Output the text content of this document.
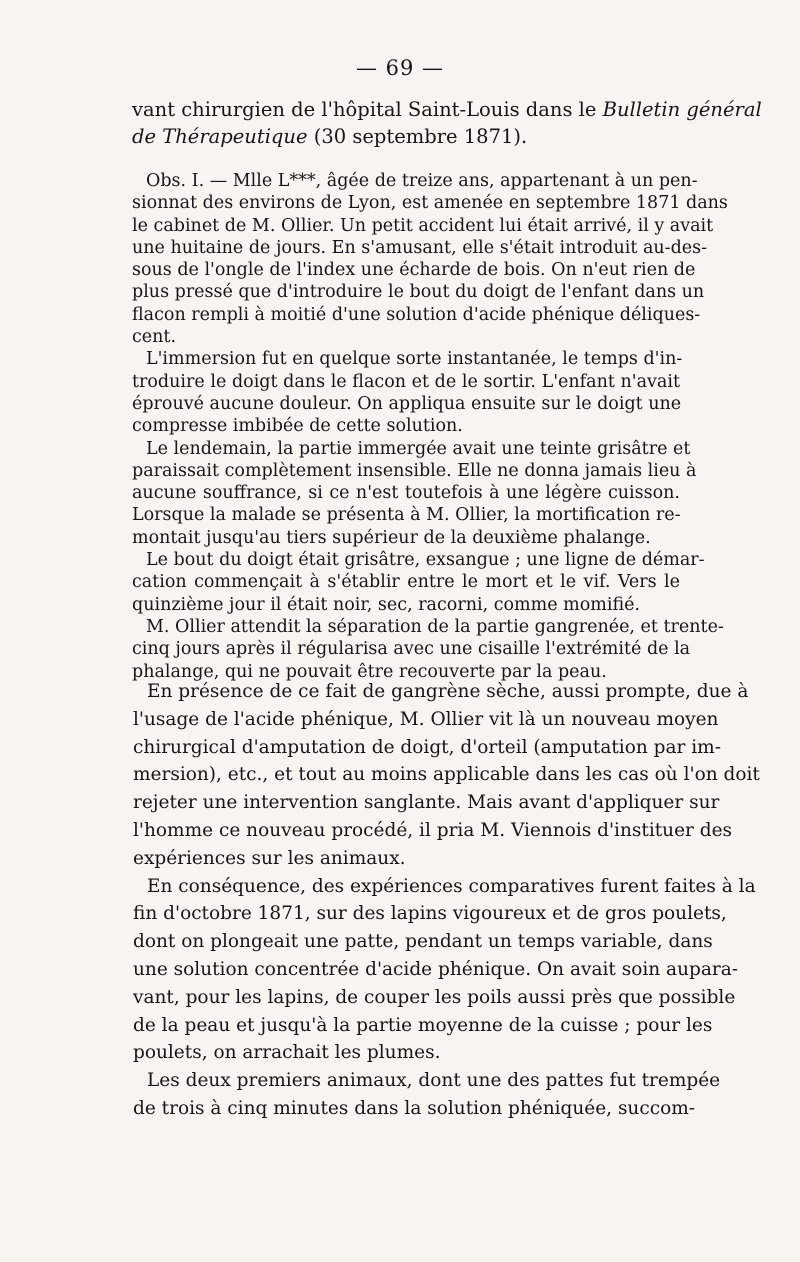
— 69 —
vant chirurgien de l'hôpital Saint-Louis dans le Bulletin général
de Thérapeutique (30 septembre 1871).
Obs. I. — Mlle L***, âgée de treize ans, appartenant à un pen-
sionnat des environs de Lyon, est amenée en septembre 1871 dans
le cabinet de M. Ollier. Un petit accident lui était arrivé, il y avait
une huitaine de jours. En s'amusant, elle s'était introduit au-des-
sous de l'ongle de l'index une écharde de bois. On n'eut rien de
plus pressé que d'introduire le bout du doigt de l'enfant dans un
flacon rempli à moitié d'une solution d'acide phénique déliques-
cent.
L'immersion fut en quelque sorte instantanée, le temps d'in-
troduire le doigt dans le flacon et de le sortir. L'enfant n'avait
éprouvé aucune douleur. On appliqua ensuite sur le doigt une
compresse imbibée de cette solution.
Le lendemain, la partie immergée avait une teinte grisâtre et
paraissait complètement insensible. Elle ne donna jamais lieu à
aucune souffrance, si ce n'est toutefois à une légère cuisson.
Lorsque la malade se présenta à M. Ollier, la mortification re-
montait jusqu'au tiers supérieur de la deuxième phalange.
Le bout du doigt était grisâtre, exsangue ; une ligne de démar-
cation commençait à s'établir entre le mort et le vif. Vers le
quinzième jour il était noir, sec, racorni, comme momifié.
M. Ollier attendit la séparation de la partie gangrenée, et trente-
cinq jours après il régularisa avec une cisaille l'extrémité de la
phalange, qui ne pouvait être recouverte par la peau.
En présence de ce fait de gangrène sèche, aussi prompte, due à
l'usage de l'acide phénique, M. Ollier vit là un nouveau moyen
chirurgical d'amputation de doigt, d'orteil (amputation par im-
mersion), etc., et tout au moins applicable dans les cas où l'on doit
rejeter une intervention sanglante. Mais avant d'appliquer sur
l'homme ce nouveau procédé, il pria M. Viennois d'instituer des
expériences sur les animaux.
En conséquence, des expériences comparatives furent faites à la
fin d'octobre 1871, sur des lapins vigoureux et de gros poulets,
dont on plongeait une patte, pendant un temps variable, dans
une solution concentrée d'acide phénique. On avait soin aupara-
vant, pour les lapins, de couper les poils aussi près que possible
de la peau et jusqu'à la partie moyenne de la cuisse ; pour les
poulets, on arrachait les plumes.
Les deux premiers animaux, dont une des pattes fut trempée
de trois à cinq minutes dans la solution phéniquée, succom-
